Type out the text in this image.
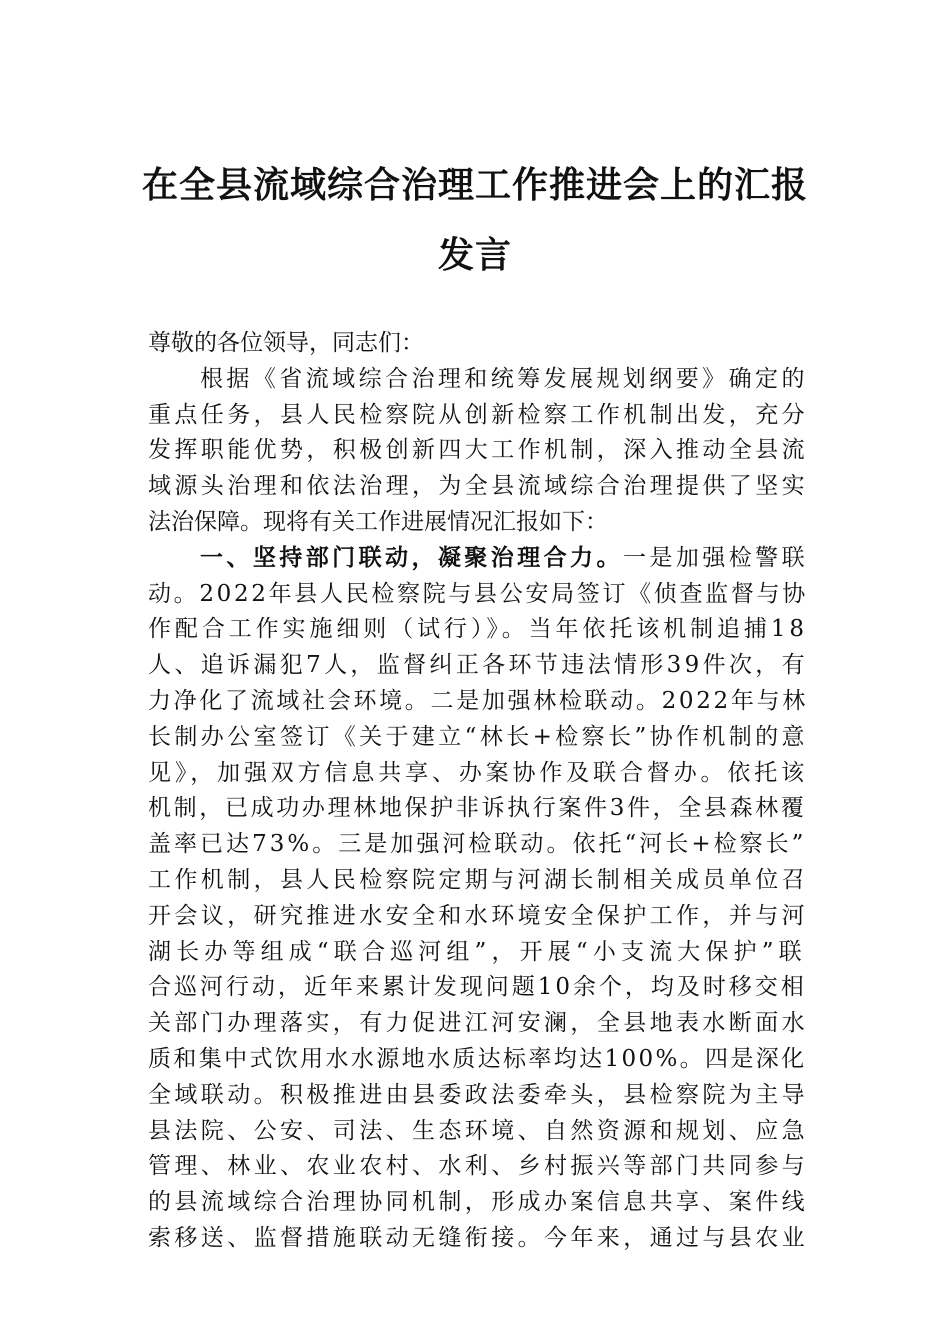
在全县流域综合治理工作推进会上的汇报
发言
尊敬的各位领导，同志们：
根据《省流域综合治理和统筹发展规划纲要》确定的
重点任务，县人民检察院从创新检察工作机制出发，充分
发挥职能优势，积极创新四大工作机制，深入推动全县流
域源头治理和依法治理，为全县流域综合治理提供了坚实
法治保障。现将有关工作进展情况汇报如下：
一、坚持部门联动，凝聚治理合力。 一是加强检警联
动。2022年县人民检察院与县公安局签订《侦查监督与协
作配合工作实施细则（试行）》。当年依托该机制追捕18
人、追诉漏犯7人，监督纠正各环节违法情形39件次，有
力净化了流域社会环境。二是加强林检联动。2022年与林
长制办公室签订《关于建立“林长+检察长”协作机制的意
见》，加强双方信息共享、办案协作及联合督办。依托该
机制，已成功办理林地保护非诉执行案件3件，全县森林覆
盖率已达73%。三是加强河检联动。依托“河长+检察长”
工作机制，县人民检察院定期与河湖长制相关成员单位召
开会议，研究推进水安全和水环境安全保护工作，并与河
湖长办等组成“联合巡河组”，开展“小支流大保护”联
合巡河行动，近年来累计发现问题10余个，均及时移交相
关部门办理落实，有力促进江河安澜，全县地表水断面水
质和集中式饮用水水源地水质达标率均达100%。四是深化
全域联动。积极推进由县委政法委牵头，县检察院为主导
县法院、公安、司法、生态环境、自然资源和规划、应急
管理、林业、农业农村、水利、乡村振兴等部门共同参与
的县流域综合治理协同机制，形成办案信息共享、案件线
索移送、监督措施联动无缝衔接。今年来，通过与县农业
